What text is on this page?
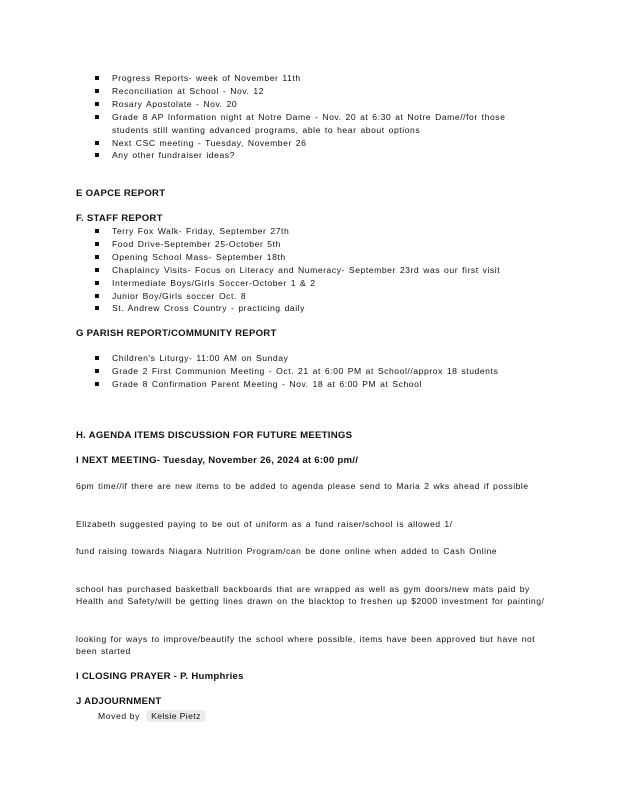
Progress Reports- week of November 11th
Reconciliation at School - Nov. 12
Rosary Apostolate - Nov. 20
Grade 8 AP Information night at Notre Dame - Nov. 20 at 6:30 at Notre Dame//for those students still wanting advanced programs, able to hear about options
Next CSC meeting - Tuesday, November 26
Any other fundraiser ideas?
E OAPCE REPORT
F. STAFF REPORT
Terry Fox Walk- Friday, September 27th
Food Drive-September 25-October 5th
Opening School Mass- September 18th
Chaplaincy Visits- Focus on Literacy and Numeracy- September 23rd was our first visit
Intermediate Boys/Girls Soccer-October 1 & 2
Junior Boy/Girls soccer Oct. 8
St. Andrew Cross Country - practicing daily
G PARISH REPORT/COMMUNITY REPORT
Children's Liturgy- 11:00 AM on Sunday
Grade 2 First Communion Meeting - Oct. 21 at 6:00 PM at School//approx 18 students
Grade 8 Confirmation Parent Meeting - Nov. 18 at 6:00 PM at School
H. AGENDA ITEMS DISCUSSION FOR FUTURE MEETINGS
I NEXT MEETING- Tuesday, November 26, 2024 at 6:00 pm//
6pm time//if there are new items to be added to agenda please send to Maria 2 wks ahead if possible
Elizabeth suggested paying to be out of uniform as a fund raiser/school is allowed 1/
fund raising towards Niagara Nutrition Program/can be done online when added to Cash Online
school has purchased basketball backboards that are wrapped as well as gym doors/new mats paid by Health and Safety/will be getting lines drawn on the blacktop to freshen up $2000 investment for painting/
looking for ways to improve/beautify the school where possible, items have been approved but have not been started
I CLOSING PRAYER - P. Humphries
J ADJOURNMENT
Moved by Kelsie Pietz
